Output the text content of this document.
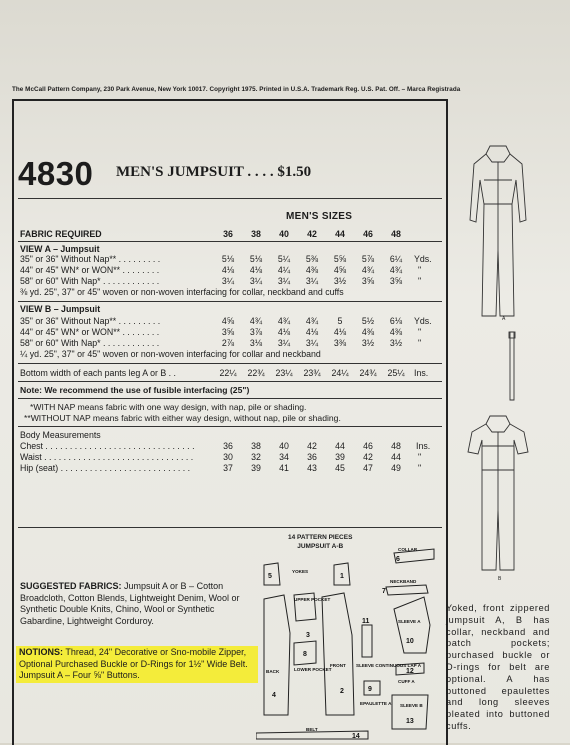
The McCall Pattern Company, 230 Park Avenue, New York 10017. Copyright 1975. Printed in U.S.A. Trademark Reg. U.S. Pat. Off. – Marca Registrada
4830 MEN'S JUMPSUIT . . . . $1.50
MEN'S SIZES
FABRIC REQUIRED	36	38	40	42	44	46	48
VIEW A – Jumpsuit
35" or 36" Without Nap** . . . . . . . . .	5⅛	5⅛	5¼	5⅜	5⅝	5⅞	6¼	Yds.
44" or 45" WN* or WON** . . . . . . . .	4⅛	4⅛	4¼	4⅜	4⅝	4¾	4¾	"
58" or 60" With Nap* . . . . . . . . . . . .	3¼	3¼	3¼	3¼	3½	3⅝	3⅝	"
⅜ yd. 25", 37" or 45" woven or non-woven interfacing for collar, neckband and cuffs
VIEW B – Jumpsuit
35" or 36" Without Nap** . . . . . . . . .	4⅝	4¾	4¾	4¾	5	5½	6⅛	Yds.
44" or 45" WN* or WON** . . . . . . . .	3⅝	3⅞	4⅛	4⅛	4⅛	4⅜	4⅜	"
58" or 60" With Nap* . . . . . . . . . . . .	2⅞	3⅛	3¼	3¼	3⅜	3½	3½	"
¼ yd. 25", 37" or 45" woven or non-woven interfacing for collar and neckband
Bottom width of each pants leg A or B . .	22¼	22¾	23¼	23¾	24¼	24¾	25¼	Ins.
Note: We recommend the use of fusible interfacing (25")
*WITH NAP means fabric with one way design, with nap, pile or shading.
**WITHOUT NAP means fabric with either way design, without nap, pile or shading.
Body Measurements
Chest . . . . . . . . . . . . . . . . . . . . . . . . . . . . . . .	36	38	40	42	44	46	48	Ins.
Waist . . . . . . . . . . . . . . . . . . . . . . . . . . . . . . .	30	32	34	36	39	42	44	"
Hip (seat) . . . . . . . . . . . . . . . . . . . . . . . . . . .	37	39	41	43	45	47	49	"
SUGGESTED FABRICS: Jumpsuit A or B – Cotton Broadcloth, Cotton Blends, Lightweight Denim, Wool or Synthetic Double Knits, Chino, Wool or Synthetic Gabardine, Lightweight Corduroy.
NOTIONS: Thread, 24" Decorative or Sno-mobile Zipper, Optional Purchased Buckle or D-Rings for 1½" Wide Belt. Jumpsuit A – Four ⅝" Buttons.
14 PATTERN PIECES
JUMPSUIT A-B
5	1
3
4
8
2
11
9
6
7
10
12
13
14
COLLAR
YOKES
NECKBAND
UPPER POCKET
SLEEVE A
BACK
FRONT SLEEVE CONTINUOUS LAP A
LOWER POCKET
CUFF A
EPAULETTE A SLEEVE B
BELT
A
B
Yoked, front zippered jumpsuit A, B has collar, neckband and patch pockets; purchased buckle or D-rings for belt are optional. A has buttoned epaulettes and long sleeves pleated into buttoned cuffs.
